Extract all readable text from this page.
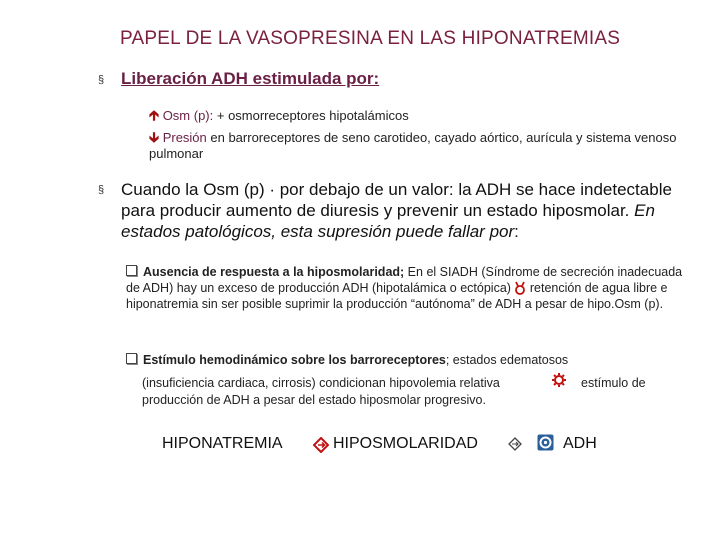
PAPEL DE LA VASOPRESINA EN LAS HIPONATREMIAS
§ Liberación ADH estimulada por:
🡱 Osm (p): + osmorreceptores hipotalámicos
🡳 Presión en barroreceptores de seno carotideo, cayado aórtico, aurícula y sistema venoso pulmonar
§ Cuando la Osm (p) · por debajo de un valor: la ADH se hace indetectable para producir aumento de diuresis y prevenir un estado hiposmolar. En estados patológicos, esta supresión puede fallar por:
Ausencia de respuesta a la hiposmolaridad; En el SIADH (Síndrome de secreción inadecuada de ADH) hay un exceso de producción ADH (hipotalámica o ectópica)  retención de agua libre e hiponatremia sin ser posible suprimir la producción “autónoma” de ADH a pesar de hipo.Osm (p).
Estímulo hemodinámico sobre los barroreceptores; estados edematosos
(insuficiencia cardiaca, cirrosis) condicionan hipovolemia relativa	estímulo de
producción de ADH a pesar del estado hiposmolar progresivo.
HIPONATREMIA	HIPOSMOLARIDAD	ADH
